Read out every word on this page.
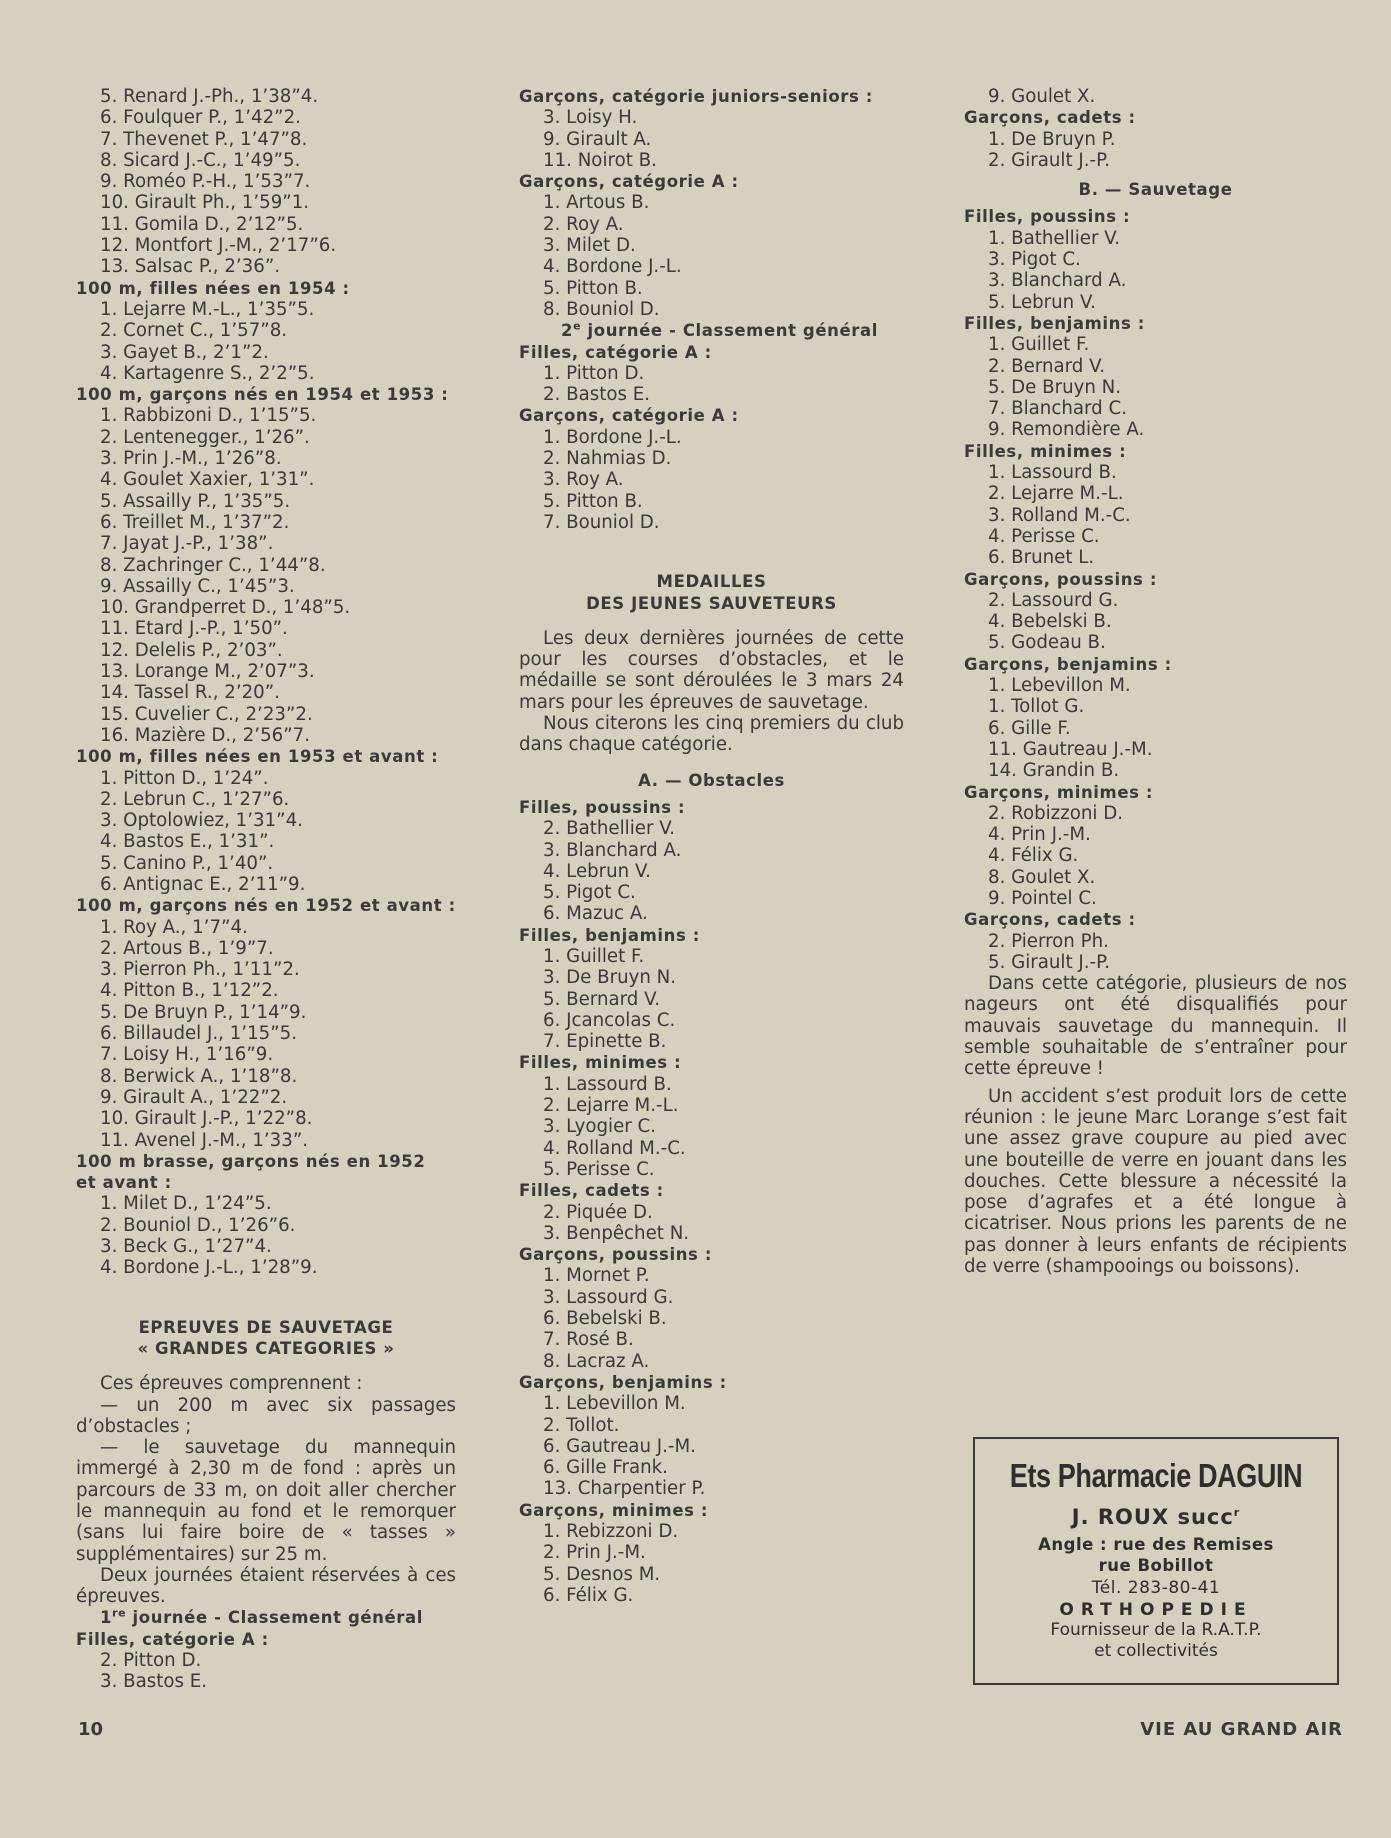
5. Renard J.-Ph., 1’38”4.
6. Foulquer P., 1’42”2.
7. Thevenet P., 1’47”8.
8. Sicard J.-C., 1’49”5.
9. Roméo P.-H., 1’53”7.
10. Girault Ph., 1’59”1.
11. Gomila D., 2’12”5.
12. Montfort J.-M., 2’17”6.
13. Salsac P., 2’36”.
100 m, filles nées en 1954 :
1. Lejarre M.-L., 1’35”5.
2. Cornet C., 1’57”8.
3. Gayet B., 2’1”2.
4. Kartagenre S., 2’2”5.
100 m, garçons nés en 1954 et 1953 :
1. Rabbizoni D., 1’15”5.
2. Lentenegger., 1’26”.
3. Prin J.-M., 1’26”8.
4. Goulet Xaxier, 1’31”.
5. Assailly P., 1’35”5.
6. Treillet M., 1’37”2.
7. Jayat J.-P., 1’38”.
8. Zachringer C., 1’44”8.
9. Assailly C., 1’45”3.
10. Grandperret D., 1’48”5.
11. Etard J.-P., 1’50”.
12. Delelis P., 2’03”.
13. Lorange M., 2’07”3.
14. Tassel R., 2’20”.
15. Cuvelier C., 2’23”2.
16. Mazière D., 2’56”7.
100 m, filles nées en 1953 et avant :
1. Pitton D., 1’24”.
2. Lebrun C., 1’27”6.
3. Optolowiez, 1’31”4.
4. Bastos E., 1’31”.
5. Canino P., 1’40”.
6. Antignac E., 2’11”9.
100 m, garçons nés en 1952 et avant :
1. Roy A., 1’7”4.
2. Artous B., 1’9”7.
3. Pierron Ph., 1’11”2.
4. Pitton B., 1’12”2.
5. De Bruyn P., 1’14”9.
6. Billaudel J., 1’15”5.
7. Loisy H., 1’16”9.
8. Berwick A., 1’18”8.
9. Girault A., 1’22”2.
10. Girault J.-P., 1’22”8.
11. Avenel J.-M., 1’33”.
100 m brasse, garçons nés en 1952
et avant :
1. Milet D., 1’24”5.
2. Bouniol D., 1’26”6.
3. Beck G., 1’27”4.
4. Bordone J.-L., 1’28”9.
EPREUVES DE SAUVETAGE
« GRANDES CATEGORIES »

Ces épreuves comprennent :

— un 200 m avec six passages d’obstacles ;

— le sauvetage du mannequin immergé à 2,30 m de fond : après un parcours de 33 m, on doit aller chercher le mannequin au fond et le remorquer (sans lui faire boire de « tasses » supplémentaires) sur 25 m.

Deux journées étaient réservées à ces épreuves.

1re journée - Classement général
Filles, catégorie A :
2. Pitton D.
3. Bastos E.
Garçons, catégorie juniors-seniors :
3. Loisy H.
9. Girault A.
11. Noirot B.
Garçons, catégorie A :
1. Artous B.
2. Roy A.
3. Milet D.
4. Bordone J.-L.
5. Pitton B.
8. Bouniol D.
2e journée - Classement général
Filles, catégorie A :
1. Pitton D.
2. Bastos E.
Garçons, catégorie A :
1. Bordone J.-L.
2. Nahmias D.
3. Roy A.
5. Pitton B.
7. Bouniol D.
MEDAILLES
DES JEUNES SAUVETEURS

Les deux dernières journées de cette pour les courses d’obstacles, et le médaille se sont déroulées le 3 mars 24 mars pour les épreuves de sauvetage.

Nous citerons les cinq premiers du club dans chaque catégorie.

A. — Obstacles
Filles, poussins :
2. Bathellier V.
3. Blanchard A.
4. Lebrun V.
5. Pigot C.
6. Mazuc A.
Filles, benjamins :
1. Guillet F.
3. De Bruyn N.
5. Bernard V.
6. Jcancolas C.
7. Epinette B.
Filles, minimes :
1. Lassourd B.
2. Lejarre M.-L.
3. Lyogier C.
4. Rolland M.-C.
5. Perisse C.
Filles, cadets :
2. Piquée D.
3. Benpêchet N.
Garçons, poussins :
1. Mornet P.
3. Lassourd G.
6. Bebelski B.
7. Rosé B.
8. Lacraz A.
Garçons, benjamins :
1. Lebevillon M.
2. Tollot.
6. Gautreau J.-M.
6. Gille Frank.
13. Charpentier P.
Garçons, minimes :
1. Rebizzoni D.
2. Prin J.-M.
5. Desnos M.
6. Félix G.
9. Goulet X.
Garçons, cadets :
1. De Bruyn P.
2. Girault J.-P.
B. — Sauvetage
Filles, poussins :
1. Bathellier V.
3. Pigot C.
3. Blanchard A.
5. Lebrun V.
Filles, benjamins :
1. Guillet F.
2. Bernard V.
5. De Bruyn N.
7. Blanchard C.
9. Remondière A.
Filles, minimes :
1. Lassourd B.
2. Lejarre M.-L.
3. Rolland M.-C.
4. Perisse C.
6. Brunet L.
Garçons, poussins :
2. Lassourd G.
4. Bebelski B.
5. Godeau B.
Garçons, benjamins :
1. Lebevillon M.
1. Tollot G.
6. Gille F.
11. Gautreau J.-M.
14. Grandin B.
Garçons, minimes :
2. Robizzoni D.
4. Prin J.-M.
4. Félix G.
8. Goulet X.
9. Pointel C.
Garçons, cadets :
2. Pierron Ph.
5. Girault J.-P.

Dans cette catégorie, plusieurs de nos nageurs ont été disqualifiés pour mauvais sauvetage du mannequin. Il semble souhaitable de s’entraîner pour cette épreuve !

Un accident s’est produit lors de cette réunion : le jeune Marc Lorange s’est fait une assez grave coupure au pied avec une bouteille de verre en jouant dans les douches. Cette blessure a nécessité la pose d’agrafes et a été longue à cicatriser. Nous prions les parents de ne pas donner à leurs enfants de récipients de verre (shampooings ou boissons).

Ets Pharmacie DAGUIN
J. ROUX succ$^r$
Angle : rue des Remises
rue Bobillot
Tél. 283-80-41
ORTHOPEDIE
Fournisseur de la R.A.T.P.
et collectivités
10	VIE AU GRAND AIR
